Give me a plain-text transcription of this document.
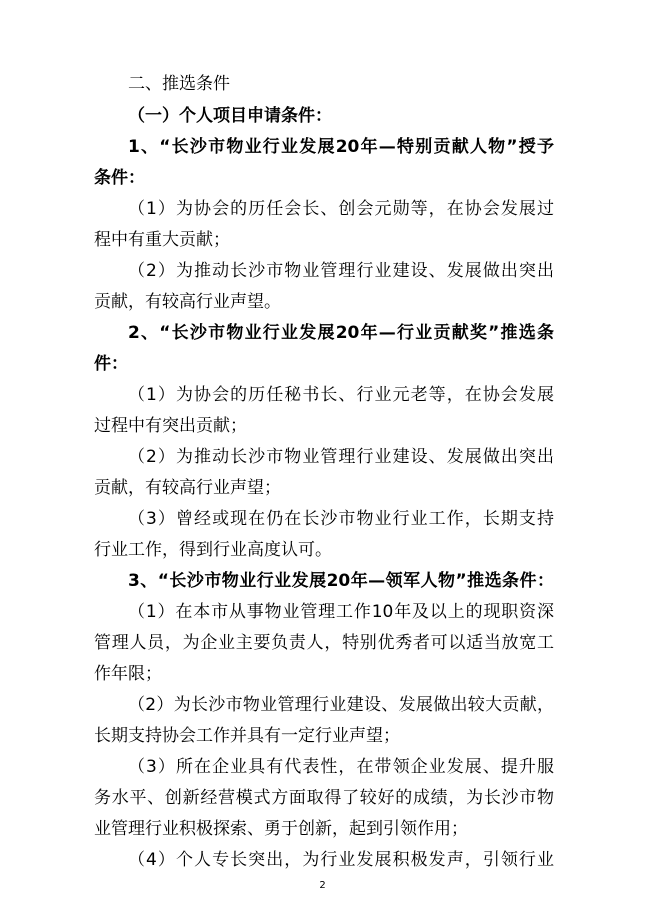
二、推选条件
（一）个人项目申请条件：
1、“长沙市物业行业发展20年—特别贡献人物”授予
条件：
（1）为协会的历任会长、创会元勋等，在协会发展过
程中有重大贡献；
（2）为推动长沙市物业管理行业建设、发展做出突出
贡献，有较高行业声望。
2、“长沙市物业行业发展20年—行业贡献奖”推选条
件：
（1）为协会的历任秘书长、行业元老等，在协会发展
过程中有突出贡献；
（2）为推动长沙市物业管理行业建设、发展做出突出
贡献，有较高行业声望；
（3）曾经或现在仍在长沙市物业行业工作，长期支持
行业工作，得到行业高度认可。
3、“长沙市物业行业发展20年—领军人物”推选条件：
（1）在本市从事物业管理工作10年及以上的现职资深
管理人员，为企业主要负责人，特别优秀者可以适当放宽工
作年限；
（2）为长沙市物业管理行业建设、发展做出较大贡献，
长期支持协会工作并具有一定行业声望；
（3）所在企业具有代表性，在带领企业发展、提升服
务水平、创新经营模式方面取得了较好的成绩，为长沙市物
业管理行业积极探索、勇于创新，起到引领作用；
（4）个人专长突出，为行业发展积极发声，引领行业
2
